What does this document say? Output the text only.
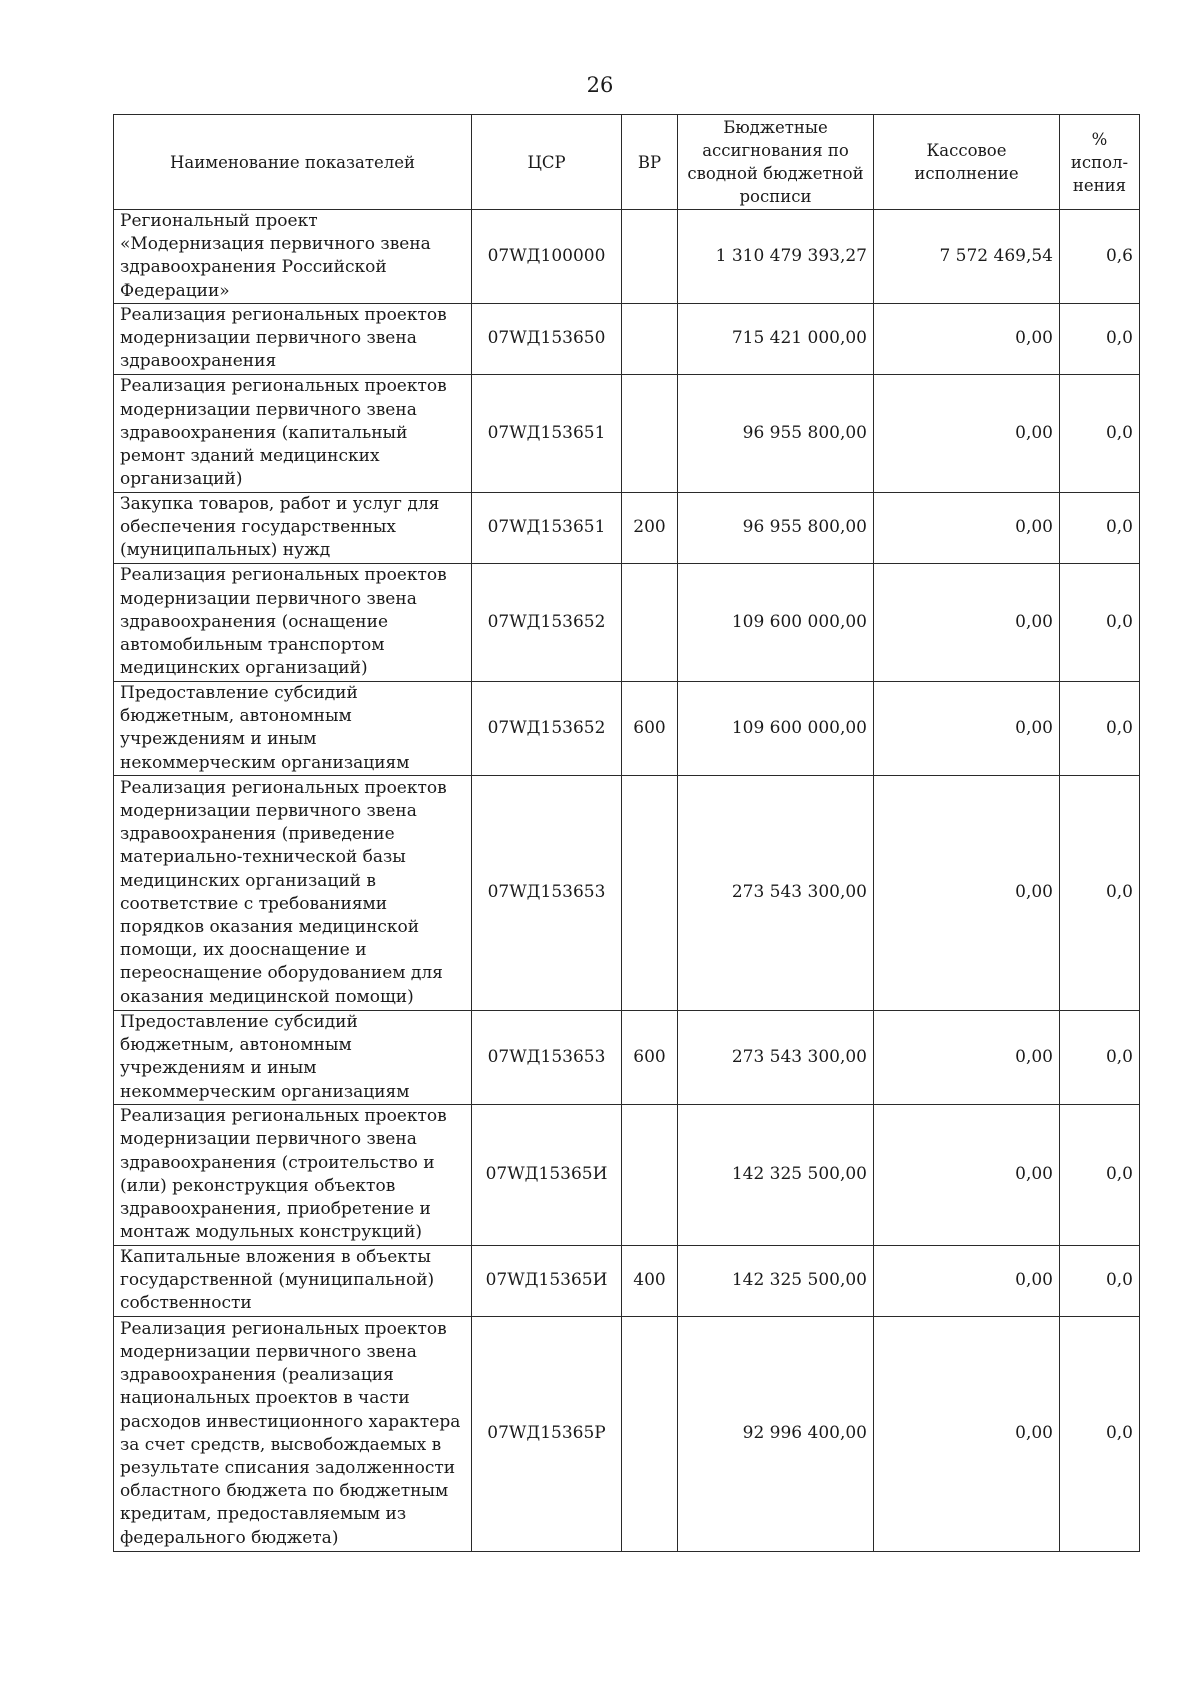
26
Наименование показателей	ЦСР	ВР	Бюджетные ассигнования по сводной бюджетной росписи	Кассовое исполнение	% испол-нения
Региональный проект «Модернизация первичного звена здравоохранения Российской Федерации»	07WД100000		1 310 479 393,27	7 572 469,54	0,6
Реализация региональных проектов модернизации первичного звена здравоохранения	07WД153650		715 421 000,00	0,00	0,0
Реализация региональных проектов модернизации первичного звена здравоохранения (капитальный ремонт зданий медицинских организаций)	07WД153651		96 955 800,00	0,00	0,0
Закупка товаров, работ и услуг для обеспечения государственных (муниципальных) нужд	07WД153651	200	96 955 800,00	0,00	0,0
Реализация региональных проектов модернизации первичного звена здравоохранения (оснащение автомобильным транспортом медицинских организаций)	07WД153652		109 600 000,00	0,00	0,0
Предоставление субсидий бюджетным, автономным учреждениям и иным некоммерческим организациям	07WД153652	600	109 600 000,00	0,00	0,0
Реализация региональных проектов модернизации первичного звена здравоохранения (приведение материально-технической базы медицинских организаций в соответствие с требованиями порядков оказания медицинской помощи, их дооснащение и переоснащение оборудованием для оказания медицинской помощи)	07WД153653		273 543 300,00	0,00	0,0
Предоставление субсидий бюджетным, автономным учреждениям и иным некоммерческим организациям	07WД153653	600	273 543 300,00	0,00	0,0
Реализация региональных проектов модернизации первичного звена здравоохранения (строительство и (или) реконструкция объектов здравоохранения, приобретение и монтаж модульных конструкций)	07WД15365И		142 325 500,00	0,00	0,0
Капитальные вложения в объекты государственной (муниципальной) собственности	07WД15365И	400	142 325 500,00	0,00	0,0
Реализация региональных проектов модернизации первичного звена здравоохранения (реализация национальных проектов в части расходов инвестиционного характера за счет средств, высвобождаемых в результате списания задолженности областного бюджета по бюджетным кредитам, предоставляемым из федерального бюджета)	07WД15365Р		92 996 400,00	0,00	0,0
